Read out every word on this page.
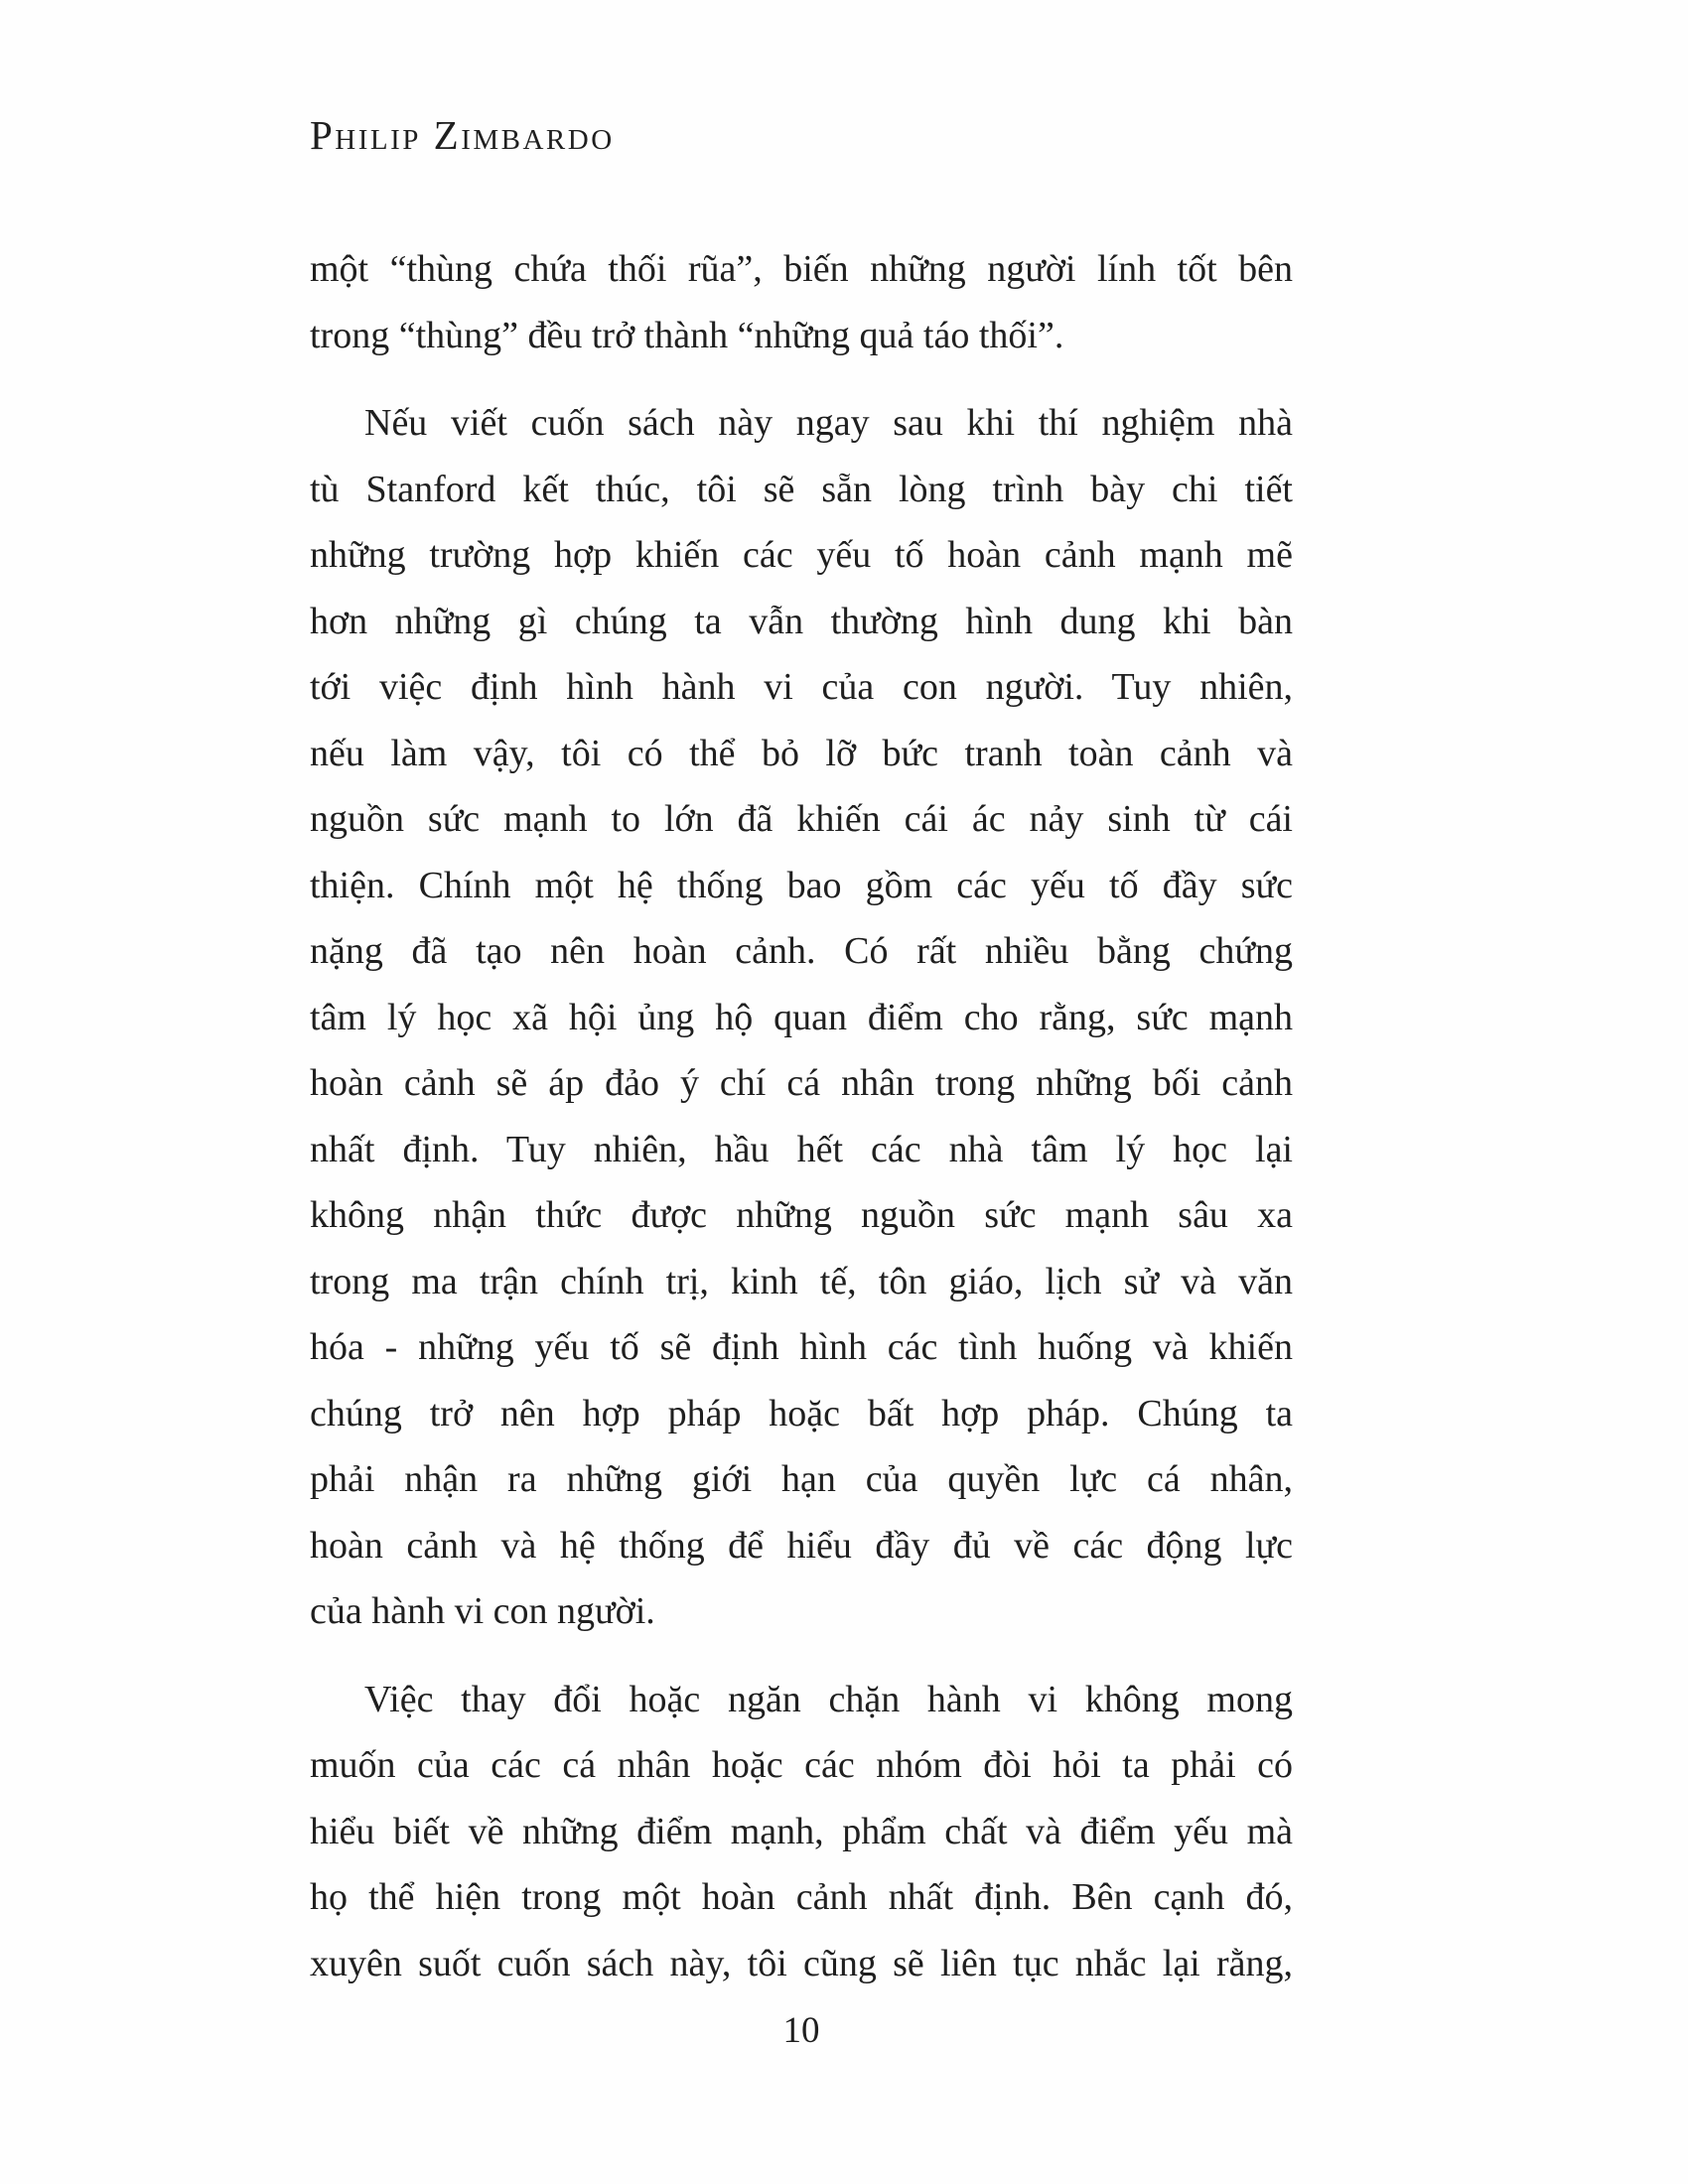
Philip Zimbardo
một “thùng chứa thối rũa”, biến những người lính tốt bên
trong “thùng” đều trở thành “những quả táo thối”.
Nếu viết cuốn sách này ngay sau khi thí nghiệm nhà
tù Stanford kết thúc, tôi sẽ sẵn lòng trình bày chi tiết
những trường hợp khiến các yếu tố hoàn cảnh mạnh mẽ
hơn những gì chúng ta vẫn thường hình dung khi bàn
tới việc định hình hành vi của con người. Tuy nhiên,
nếu làm vậy, tôi có thể bỏ lỡ bức tranh toàn cảnh và
nguồn sức mạnh to lớn đã khiến cái ác nảy sinh từ cái
thiện. Chính một hệ thống bao gồm các yếu tố đầy sức
nặng đã tạo nên hoàn cảnh. Có rất nhiều bằng chứng
tâm lý học xã hội ủng hộ quan điểm cho rằng, sức mạnh
hoàn cảnh sẽ áp đảo ý chí cá nhân trong những bối cảnh
nhất định. Tuy nhiên, hầu hết các nhà tâm lý học lại
không nhận thức được những nguồn sức mạnh sâu xa
trong ma trận chính trị, kinh tế, tôn giáo, lịch sử và văn
hóa - những yếu tố sẽ định hình các tình huống và khiến
chúng trở nên hợp pháp hoặc bất hợp pháp. Chúng ta
phải nhận ra những giới hạn của quyền lực cá nhân,
hoàn cảnh và hệ thống để hiểu đầy đủ về các động lực
của hành vi con người.
Việc thay đổi hoặc ngăn chặn hành vi không mong
muốn của các cá nhân hoặc các nhóm đòi hỏi ta phải có
hiểu biết về những điểm mạnh, phẩm chất và điểm yếu mà
họ thể hiện trong một hoàn cảnh nhất định. Bên cạnh đó,
xuyên suốt cuốn sách này, tôi cũng sẽ liên tục nhắc lại rằng,
10
